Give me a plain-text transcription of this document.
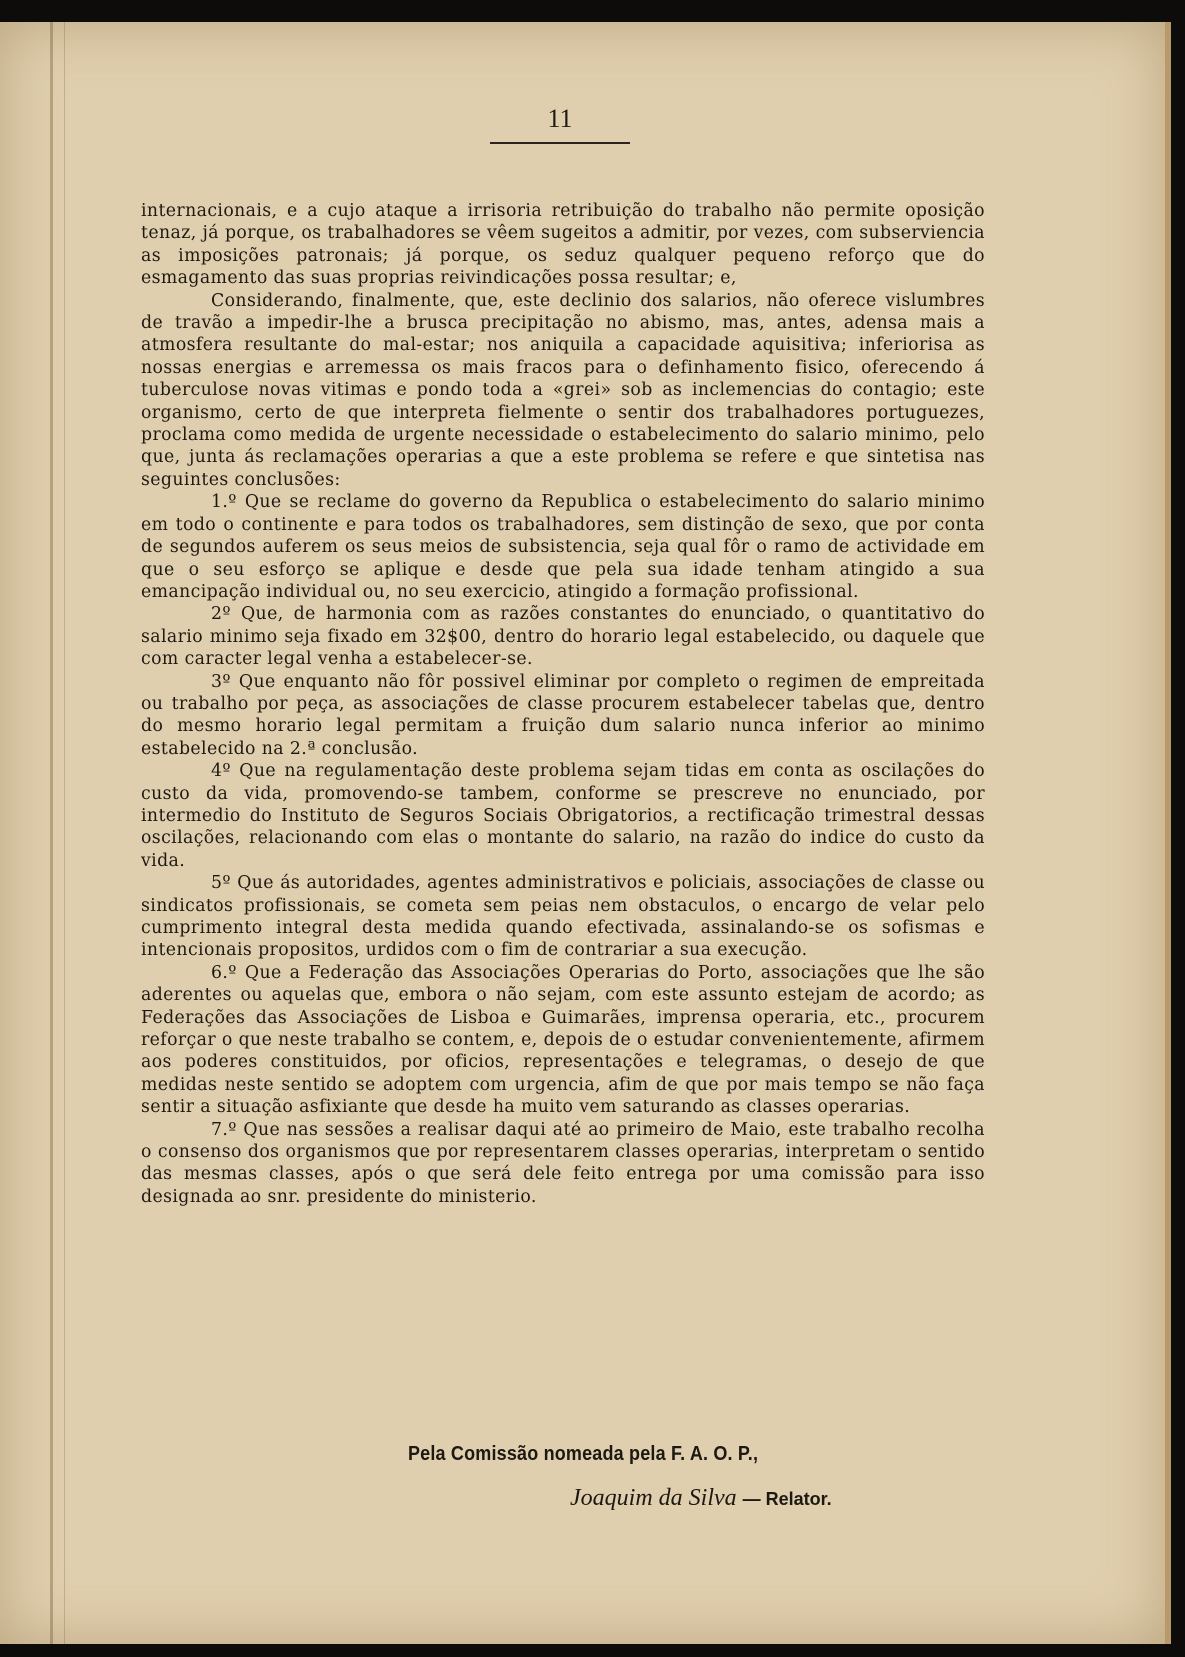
11

internacionais, e a cujo ataque a irrisoria retribuição do trabalho não permite oposição tenaz, já porque, os trabalhadores se vêem sugeitos a admitir, por vezes, com subserviencia as imposições patronais; já porque, os seduz qualquer pequeno reforço que do esmagamento das suas proprias reivindicações possa resultar; e,

Considerando, finalmente, que, este declinio dos salarios, não oferece vislumbres de travão a impedir-lhe a brusca precipitação no abismo, mas, antes, adensa mais a atmosfera resultante do mal-estar; nos aniquila a capacidade aquisitiva; inferiorisa as nossas energias e arremessa os mais fracos para o definhamento fisico, oferecendo á tuberculose novas vitimas e pondo toda a «grei» sob as inclemencias do contagio; este organismo, certo de que interpreta fielmente o sentir dos trabalhadores portuguezes, proclama como medida de urgente necessidade o estabelecimento do salario minimo, pelo que, junta ás reclamações operarias a que a este problema se refere e que sintetisa nas seguintes conclusões:

1.º Que se reclame do governo da Republica o estabelecimento do salario minimo em todo o continente e para todos os trabalhadores, sem distinção de sexo, que por conta de segundos auferem os seus meios de subsistencia, seja qual fôr o ramo de actividade em que o seu esforço se aplique e desde que pela sua idade tenham atingido a sua emancipação individual ou, no seu exercicio, atingido a formação profissional.

2º Que, de harmonia com as razões constantes do enunciado, o quantitativo do salario minimo seja fixado em 32$00, dentro do horario legal estabelecido, ou daquele que com caracter legal venha a estabelecer-se.

3º Que enquanto não fôr possivel eliminar por completo o regimen de empreitada ou trabalho por peça, as associações de classe procurem estabelecer tabelas que, dentro do mesmo horario legal permitam a fruição dum salario nunca inferior ao minimo estabelecido na 2.ª conclusão.

4º Que na regulamentação deste problema sejam tidas em conta as oscilações do custo da vida, promovendo-se tambem, conforme se prescreve no enunciado, por intermedio do Instituto de Seguros Sociais Obrigatorios, a rectificação trimestral dessas oscilações, relacionando com elas o montante do salario, na razão do indice do custo da vida.

5º Que ás autoridades, agentes administrativos e policiais, associações de classe ou sindicatos profissionais, se cometa sem peias nem obstaculos, o encargo de velar pelo cumprimento integral desta medida quando efectivada, assinalando-se os sofismas e intencionais propositos, urdidos com o fim de contrariar a sua execução.

6.º Que a Federação das Associações Operarias do Porto, associações que lhe são aderentes ou aquelas que, embora o não sejam, com este assunto estejam de acordo; as Federações das Associações de Lisboa e Guimarães, imprensa operaria, etc., procurem reforçar o que neste trabalho se contem, e, depois de o estudar convenientemente, afirmem aos poderes constituidos, por oficios, representações e telegramas, o desejo de que medidas neste sentido se adoptem com urgencia, afim de que por mais tempo se não faça sentir a situação asfixiante que desde ha muito vem saturando as classes operarias.

7.º Que nas sessões a realisar daqui até ao primeiro de Maio, este trabalho recolha o consenso dos organismos que por representarem classes operarias, interpretam o sentido das mesmas classes, após o que será dele feito entrega por uma comissão para isso designada ao snr. presidente do ministerio.

Pela Comissão nomeada pela F. A. O. P.,
Joaquim da Silva — Relator.
